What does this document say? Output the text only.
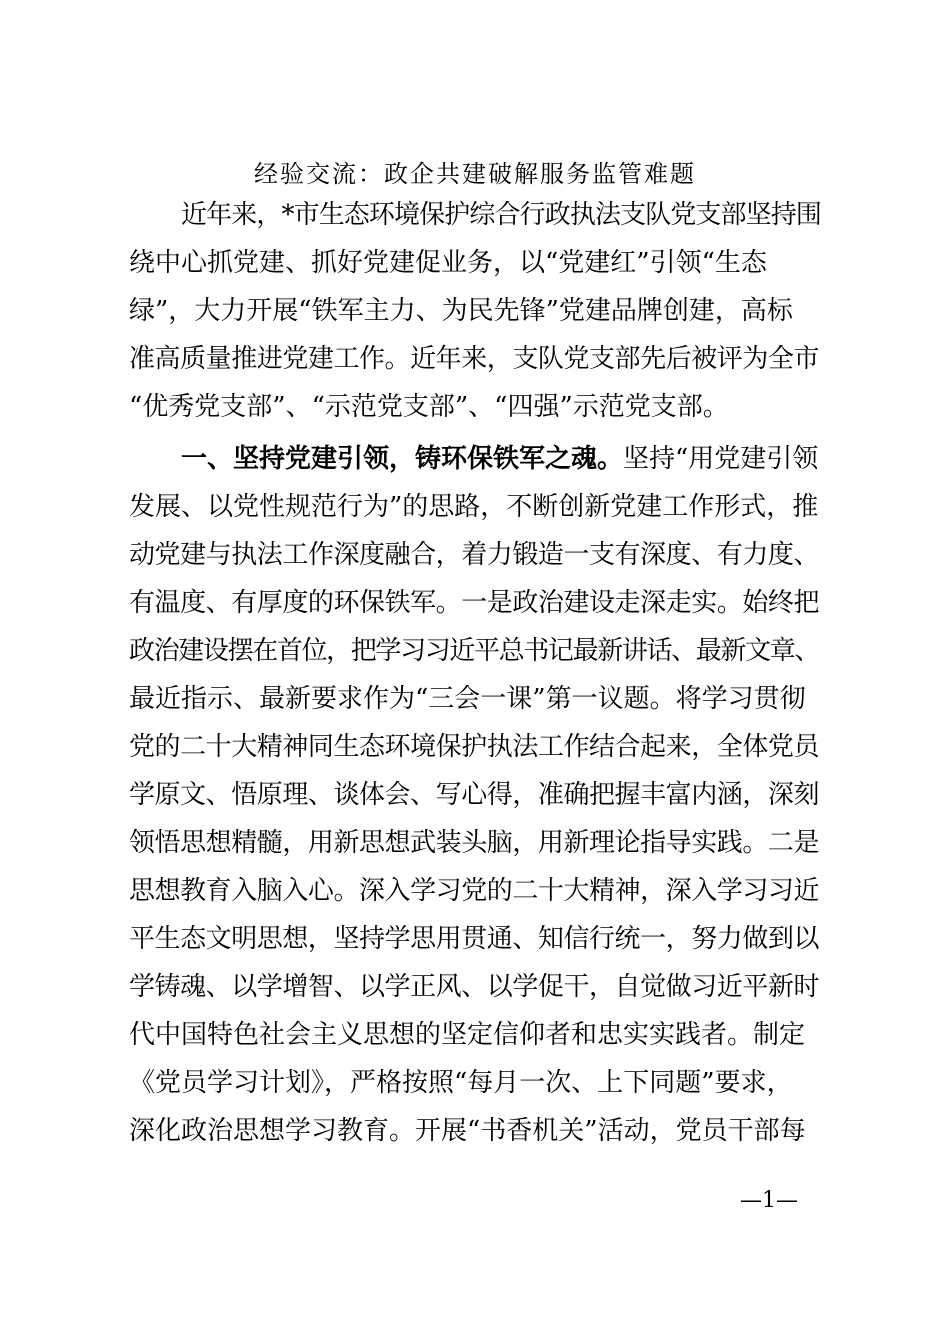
经验交流：政企共建破解服务监管难题
近年来，*市生态环境保护综合行政执法支队党支部坚持围
绕中心抓党建、抓好党建促业务，以“党建红”引领“生态
绿”，大力开展“铁军主力、为民先锋”党建品牌创建，高标
准高质量推进党建工作。近年来，支队党支部先后被评为全市
“优秀党支部”、“示范党支部”、“四强”示范党支部。
一、坚持党建引领，铸环保铁军之魂。坚持“用党建引领
发展、以党性规范行为”的思路，不断创新党建工作形式，推
动党建与执法工作深度融合，着力锻造一支有深度、有力度、
有温度、有厚度的环保铁军。一是政治建设走深走实。始终把
政治建设摆在首位，把学习习近平总书记最新讲话、最新文章、
最近指示、最新要求作为“三会一课”第一议题。将学习贯彻
党的二十大精神同生态环境保护执法工作结合起来，全体党员
学原文、悟原理、谈体会、写心得，准确把握丰富内涵，深刻
领悟思想精髓，用新思想武装头脑，用新理论指导实践。二是
思想教育入脑入心。深入学习党的二十大精神，深入学习习近
平生态文明思想，坚持学思用贯通、知信行统一，努力做到以
学铸魂、以学增智、以学正风、以学促干，自觉做习近平新时
代中国特色社会主义思想的坚定信仰者和忠实实践者。制定
《党员学习计划》，严格按照“每月一次、上下同题”要求，
深化政治思想学习教育。开展“书香机关”活动，党员干部每
—1—
